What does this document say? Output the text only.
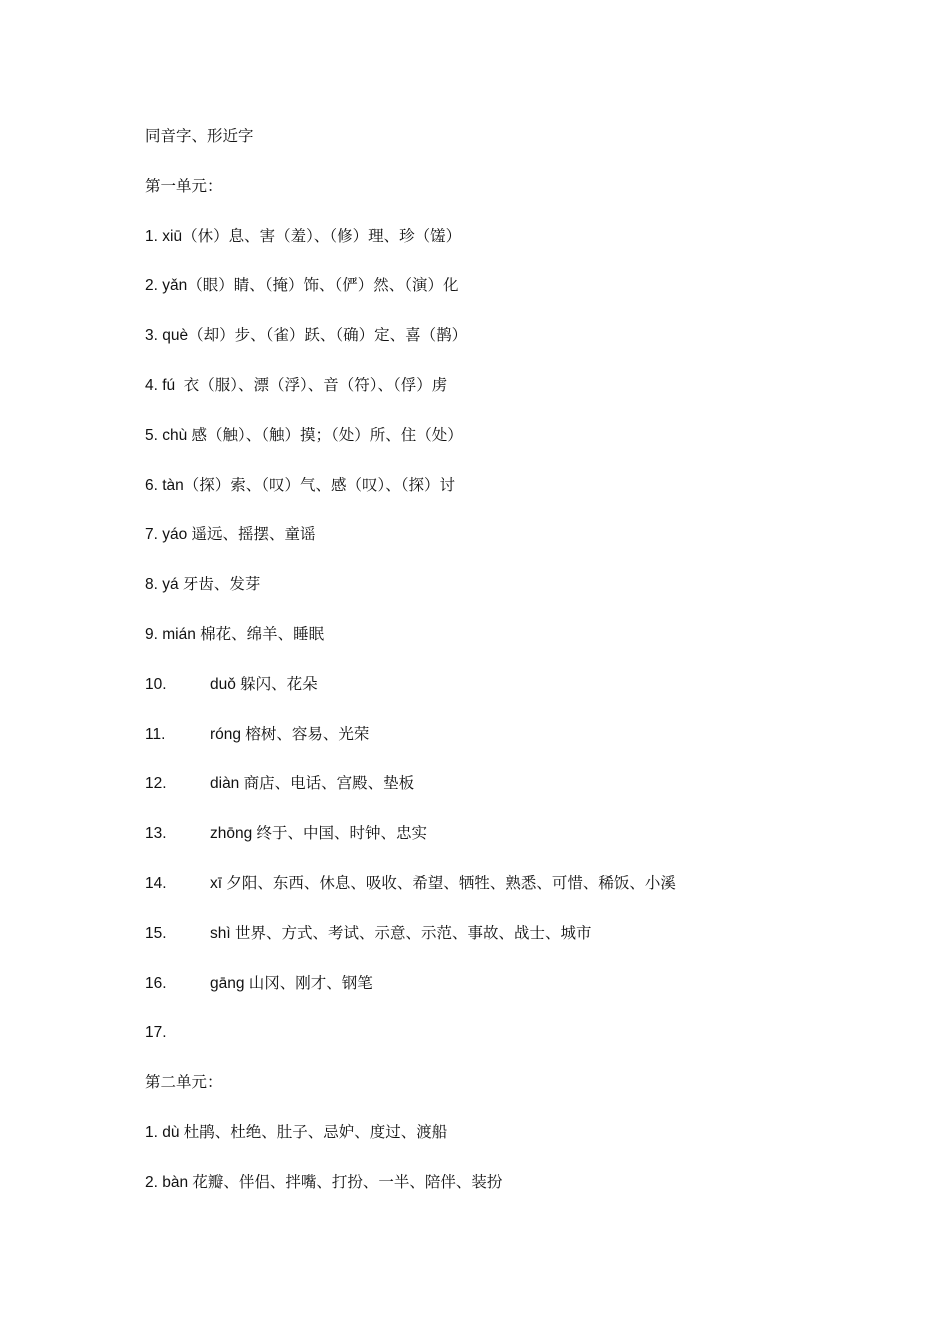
同音字、形近字
第一单元：
1. xiū（休）息、害（羞）、（修）理、珍（馐）
2. yǎn（眼）睛、（掩）饰、（俨）然、（演）化
3. què（却）步、（雀）跃、（确）定、喜（鹊）
4. fú  衣（服）、漂（浮）、音（符）、（俘）虏
5. chù 感（触）、（触）摸；（处）所、住（处）
6. tàn（探）索、（叹）气、感（叹）、（探）讨
7. yáo 遥远、摇摆、童谣
8. yá 牙齿、发芽
9. mián 棉花、绵羊、睡眠
10.	duǒ 躲闪、花朵
11.	róng 榕树、容易、光荣
12.	diàn 商店、电话、宫殿、垫板
13.	zhōng 终于、中国、时钟、忠实
14.	xī 夕阳、东西、休息、吸收、希望、牺牲、熟悉、可惜、稀饭、小溪
15.	shì 世界、方式、考试、示意、示范、事故、战士、城市
16.	gāng 山冈、刚才、钢笔
17.
第二单元：
1. dù 杜鹃、杜绝、肚子、忌妒、度过、渡船
2. bàn 花瓣、伴侣、拌嘴、打扮、一半、陪伴、装扮
